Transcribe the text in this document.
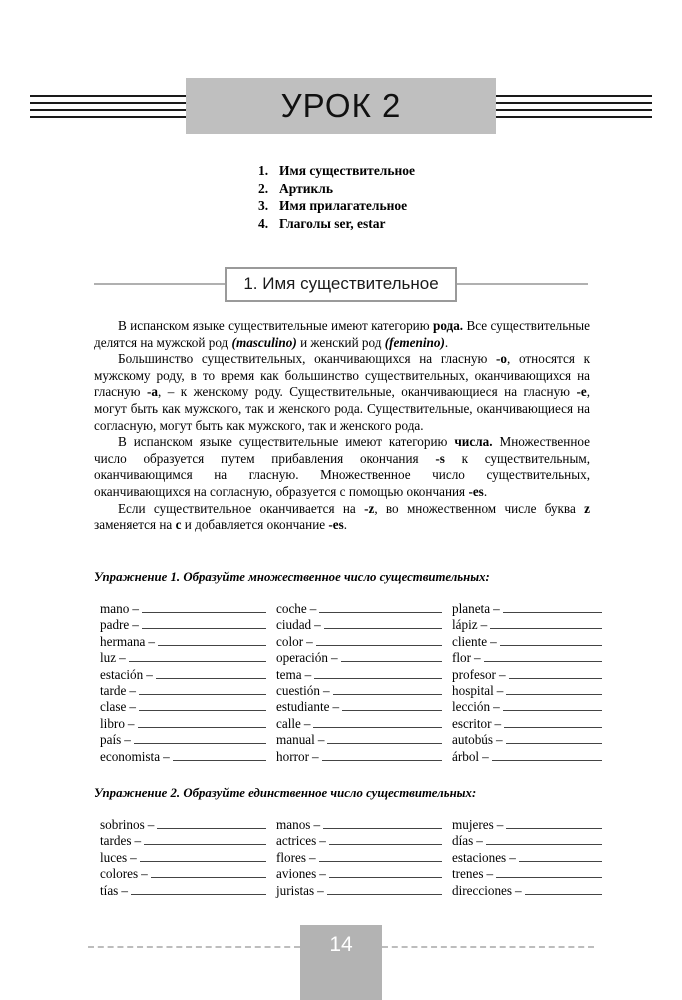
УРОК 2
1. Имя существительное
2. Артикль
3. Имя прилагательное
4. Глаголы ser, estar
1. Имя существительное

В испанском языке существительные имеют категорию рода. Все существительные делятся на мужской род (masculino) и женский род (femenino).

Большинство существительных, оканчивающихся на гласную -о, относятся к мужскому роду, в то время как большинство существительных, оканчивающихся на гласную -а, – к женскому роду. Существительные, оканчивающиеся на гласную -е, могут быть как мужского, так и женского рода. Существительные, оканчивающиеся на согласную, могут быть как мужского, так и женского рода.

В испанском языке существительные имеют категорию числа. Множественное число образуется путем прибавления окончания -s к существительным, оканчивающимся на гласную. Множественное число существительных, оканчивающихся на согласную, образуется с помощью окончания -es.

Если существительное оканчивается на -z, во множественном числе буква z заменяется на c и добавляется окончание -es.

Упражнение 1. Образуйте множественное число существительных:
mano –
padre –
hermana –
luz –
estación –
tarde –
clase –
libro –
país –
economista –
coche –
ciudad –
color –
operación –
tema –
cuestión –
estudiante –
calle –
manual –
horror –
planeta –
lápiz –
cliente –
flor –
profesor –
hospital –
lección –
escritor –
autobús –
árbol –
Упражнение 2. Образуйте единственное число существительных:
sobrinos –
tardes –
luces –
colores –
tías –
manos –
actrices –
flores –
aviones –
juristas –
mujeres –
días –
estaciones –
trenes –
direcciones –
14
